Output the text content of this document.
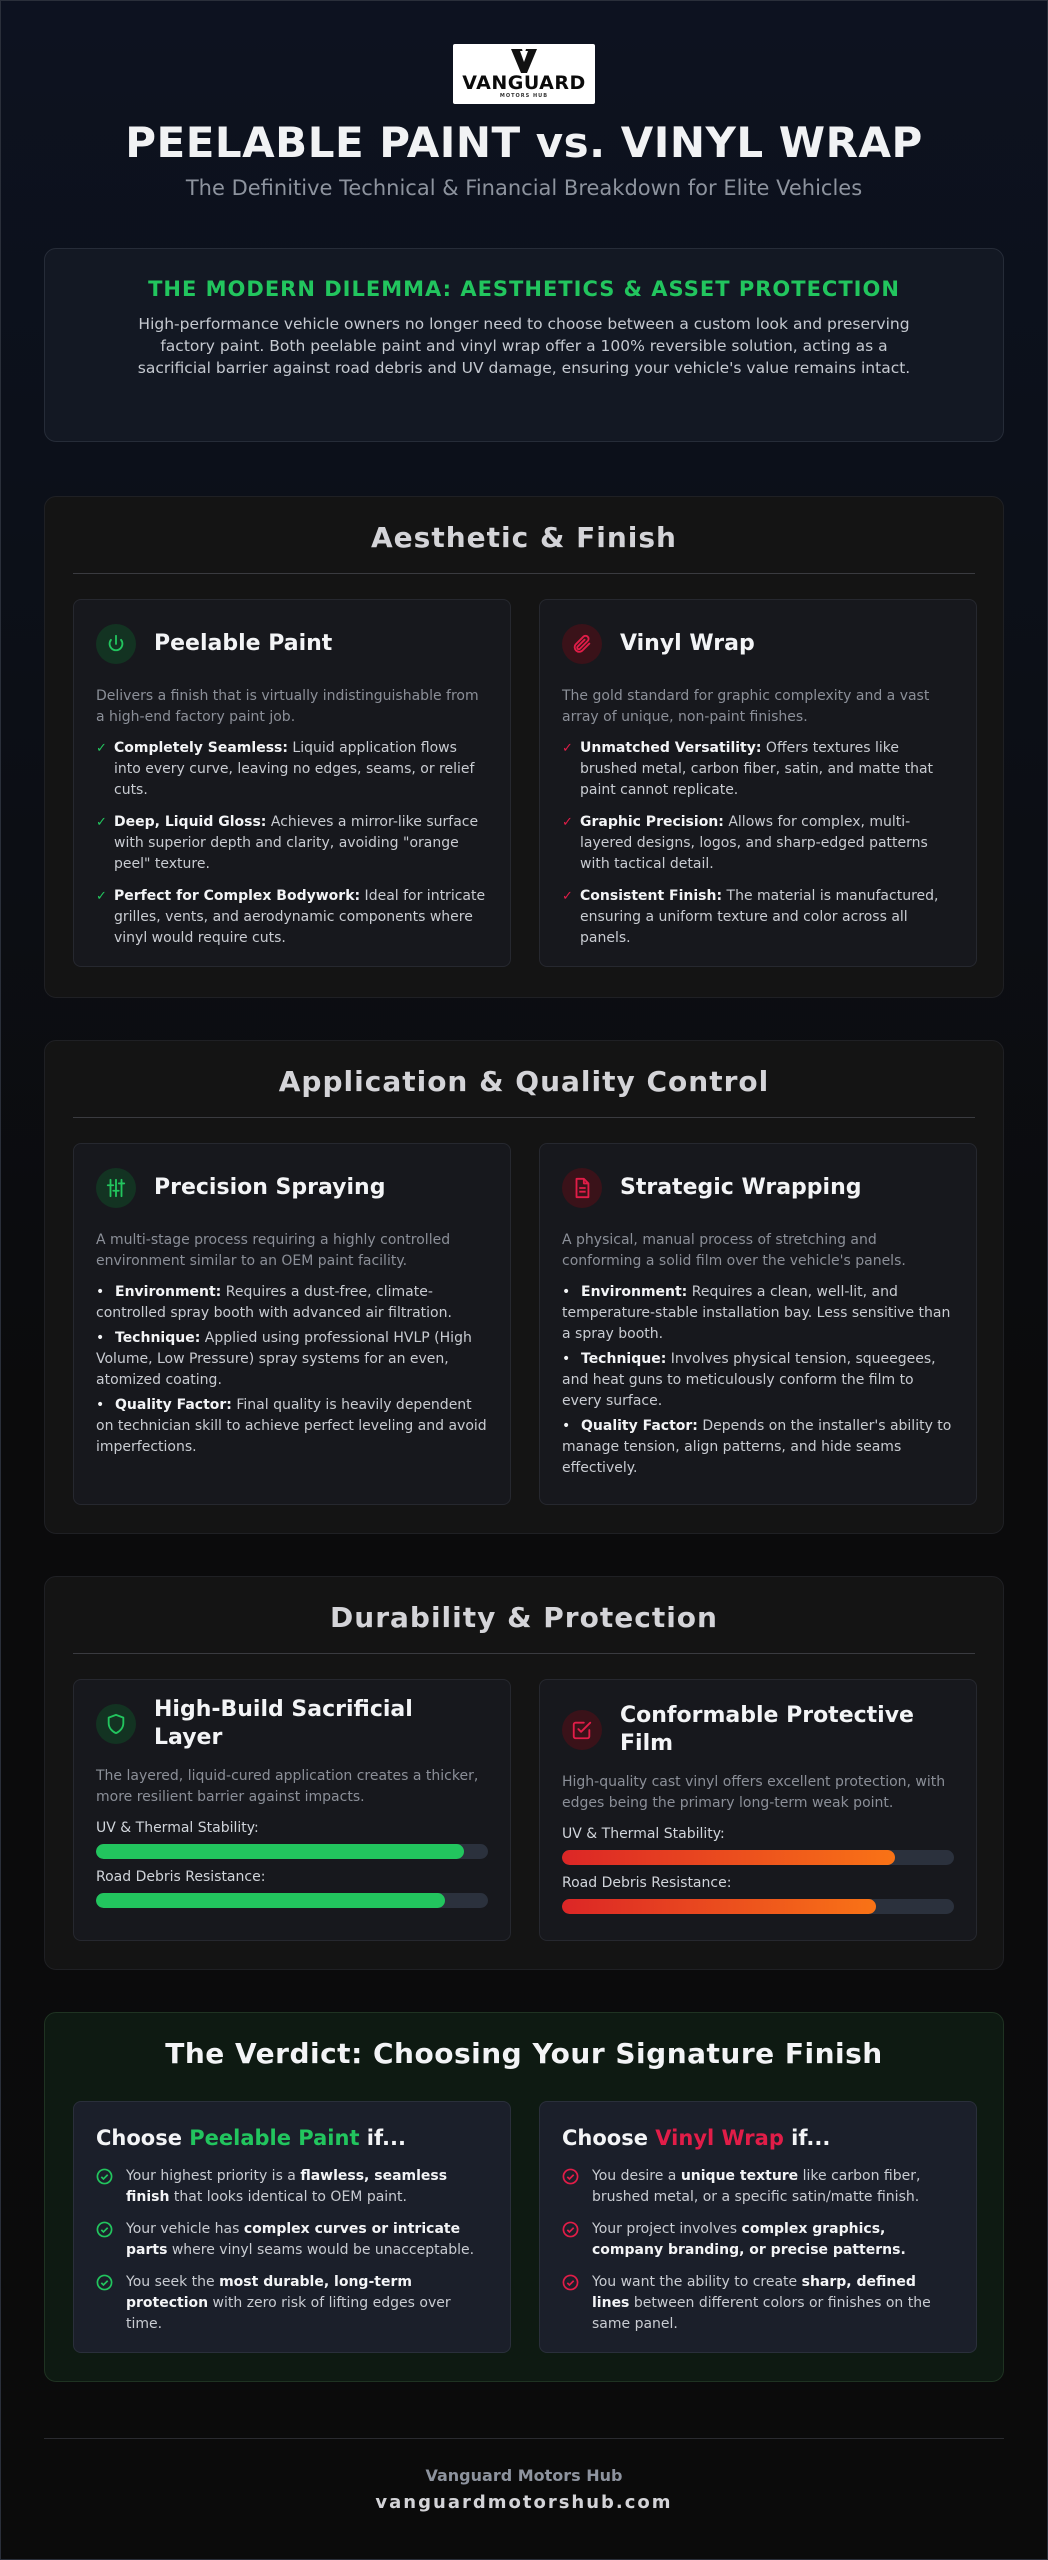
VANGUARD
MOTORS HUB
PEELABLE PAINT vs. VINYL WRAP
The Definitive Technical & Financial Breakdown for Elite Vehicles
THE MODERN DILEMMA: AESTHETICS & ASSET PROTECTION

High-performance vehicle owners no longer need to choose between a custom look and preserving factory paint. Both peelable paint and vinyl wrap offer a 100% reversible solution, acting as a sacrificial barrier against road debris and UV damage, ensuring your vehicle's value remains intact.

Aesthetic & Finish
Peelable Paint
Delivers a finish that is virtually indistinguishable from a high-end factory paint job.
✓ Completely Seamless: Liquid application flows into every curve, leaving no edges, seams, or relief cuts.
✓ Deep, Liquid Gloss: Achieves a mirror-like surface with superior depth and clarity, avoiding "orange peel" texture.
✓ Perfect for Complex Bodywork: Ideal for intricate grilles, vents, and aerodynamic components where vinyl would require cuts.
Vinyl Wrap
The gold standard for graphic complexity and a vast array of unique, non-paint finishes.
✓ Unmatched Versatility: Offers textures like brushed metal, carbon fiber, satin, and matte that paint cannot replicate.
✓ Graphic Precision: Allows for complex, multi-layered designs, logos, and sharp-edged patterns with tactical detail.
✓ Consistent Finish: The material is manufactured, ensuring a uniform texture and color across all panels.
Application & Quality Control
Precision Spraying
A multi-stage process requiring a highly controlled environment similar to an OEM paint facility.
• Environment: Requires a dust-free, climate-controlled spray booth with advanced air filtration.
• Technique: Applied using professional HVLP (High Volume, Low Pressure) spray systems for an even, atomized coating.
• Quality Factor: Final quality is heavily dependent on technician skill to achieve perfect leveling and avoid imperfections.
Strategic Wrapping
A physical, manual process of stretching and conforming a solid film over the vehicle's panels.
• Environment: Requires a clean, well-lit, and temperature-stable installation bay. Less sensitive than a spray booth.
• Technique: Involves physical tension, squeegees, and heat guns to meticulously conform the film to every surface.
• Quality Factor: Depends on the installer's ability to manage tension, align patterns, and hide seams effectively.
Durability & Protection
High-Build Sacrificial Layer
The layered, liquid-cured application creates a thicker, more resilient barrier against impacts.
UV & Thermal Stability:
Road Debris Resistance:
Conformable Protective Film
High-quality cast vinyl offers excellent protection, with edges being the primary long-term weak point.
UV & Thermal Stability:
Road Debris Resistance:
The Verdict: Choosing Your Signature Finish
Choose Peelable Paint if...
Your highest priority is a flawless, seamless finish that looks identical to OEM paint.
Your vehicle has complex curves or intricate parts where vinyl seams would be unacceptable.
You seek the most durable, long-term protection with zero risk of lifting edges over time.
Choose Vinyl Wrap if...
You desire a unique texture like carbon fiber, brushed metal, or a specific satin/matte finish.
Your project involves complex graphics, company branding, or precise patterns.
You want the ability to create sharp, defined lines between different colors or finishes on the same panel.
Vanguard Motors Hub
vanguardmotorshub.com
